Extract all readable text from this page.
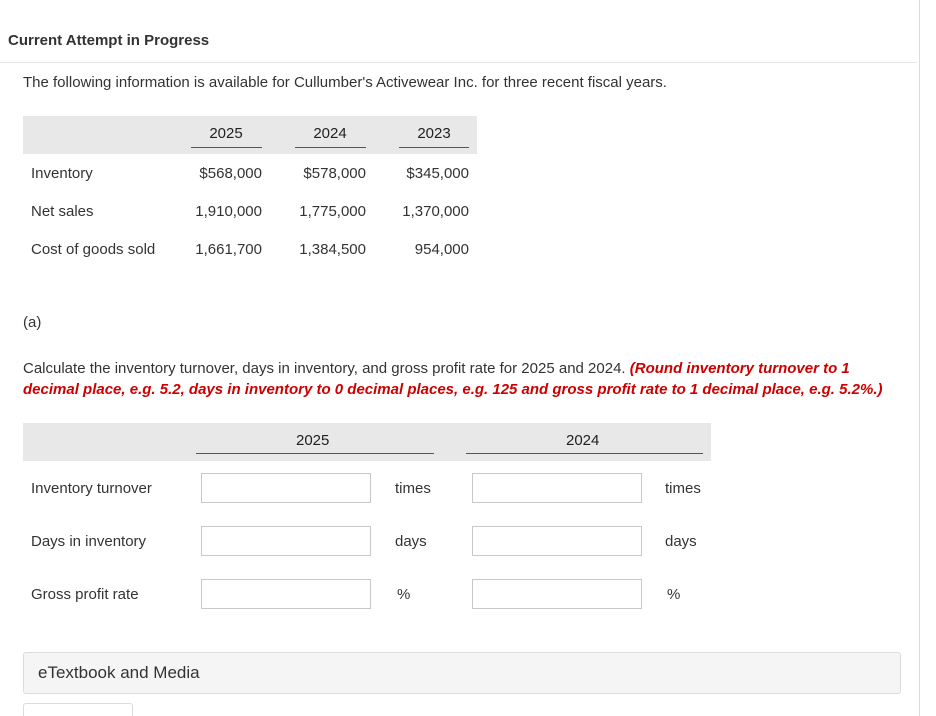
Current Attempt in Progress
The following information is available for Cullumber's Activewear Inc. for three recent fiscal years.
2025	2024	2023
Inventory	$568,000	$578,000	$345,000
Net sales	1,910,000	1,775,000	1,370,000
Cost of goods sold	1,661,700	1,384,500	954,000
(a)
Calculate the inventory turnover, days in inventory, and gross profit rate for 2025 and 2024. (Round inventory turnover to 1 decimal place, e.g. 5.2, days in inventory to 0 decimal places, e.g. 125 and gross profit rate to 1 decimal place, e.g. 5.2%.)
2025	2024
Inventory turnover	times	times
Days in inventory	days	days
Gross profit rate	%	%
eTextbook and Media
